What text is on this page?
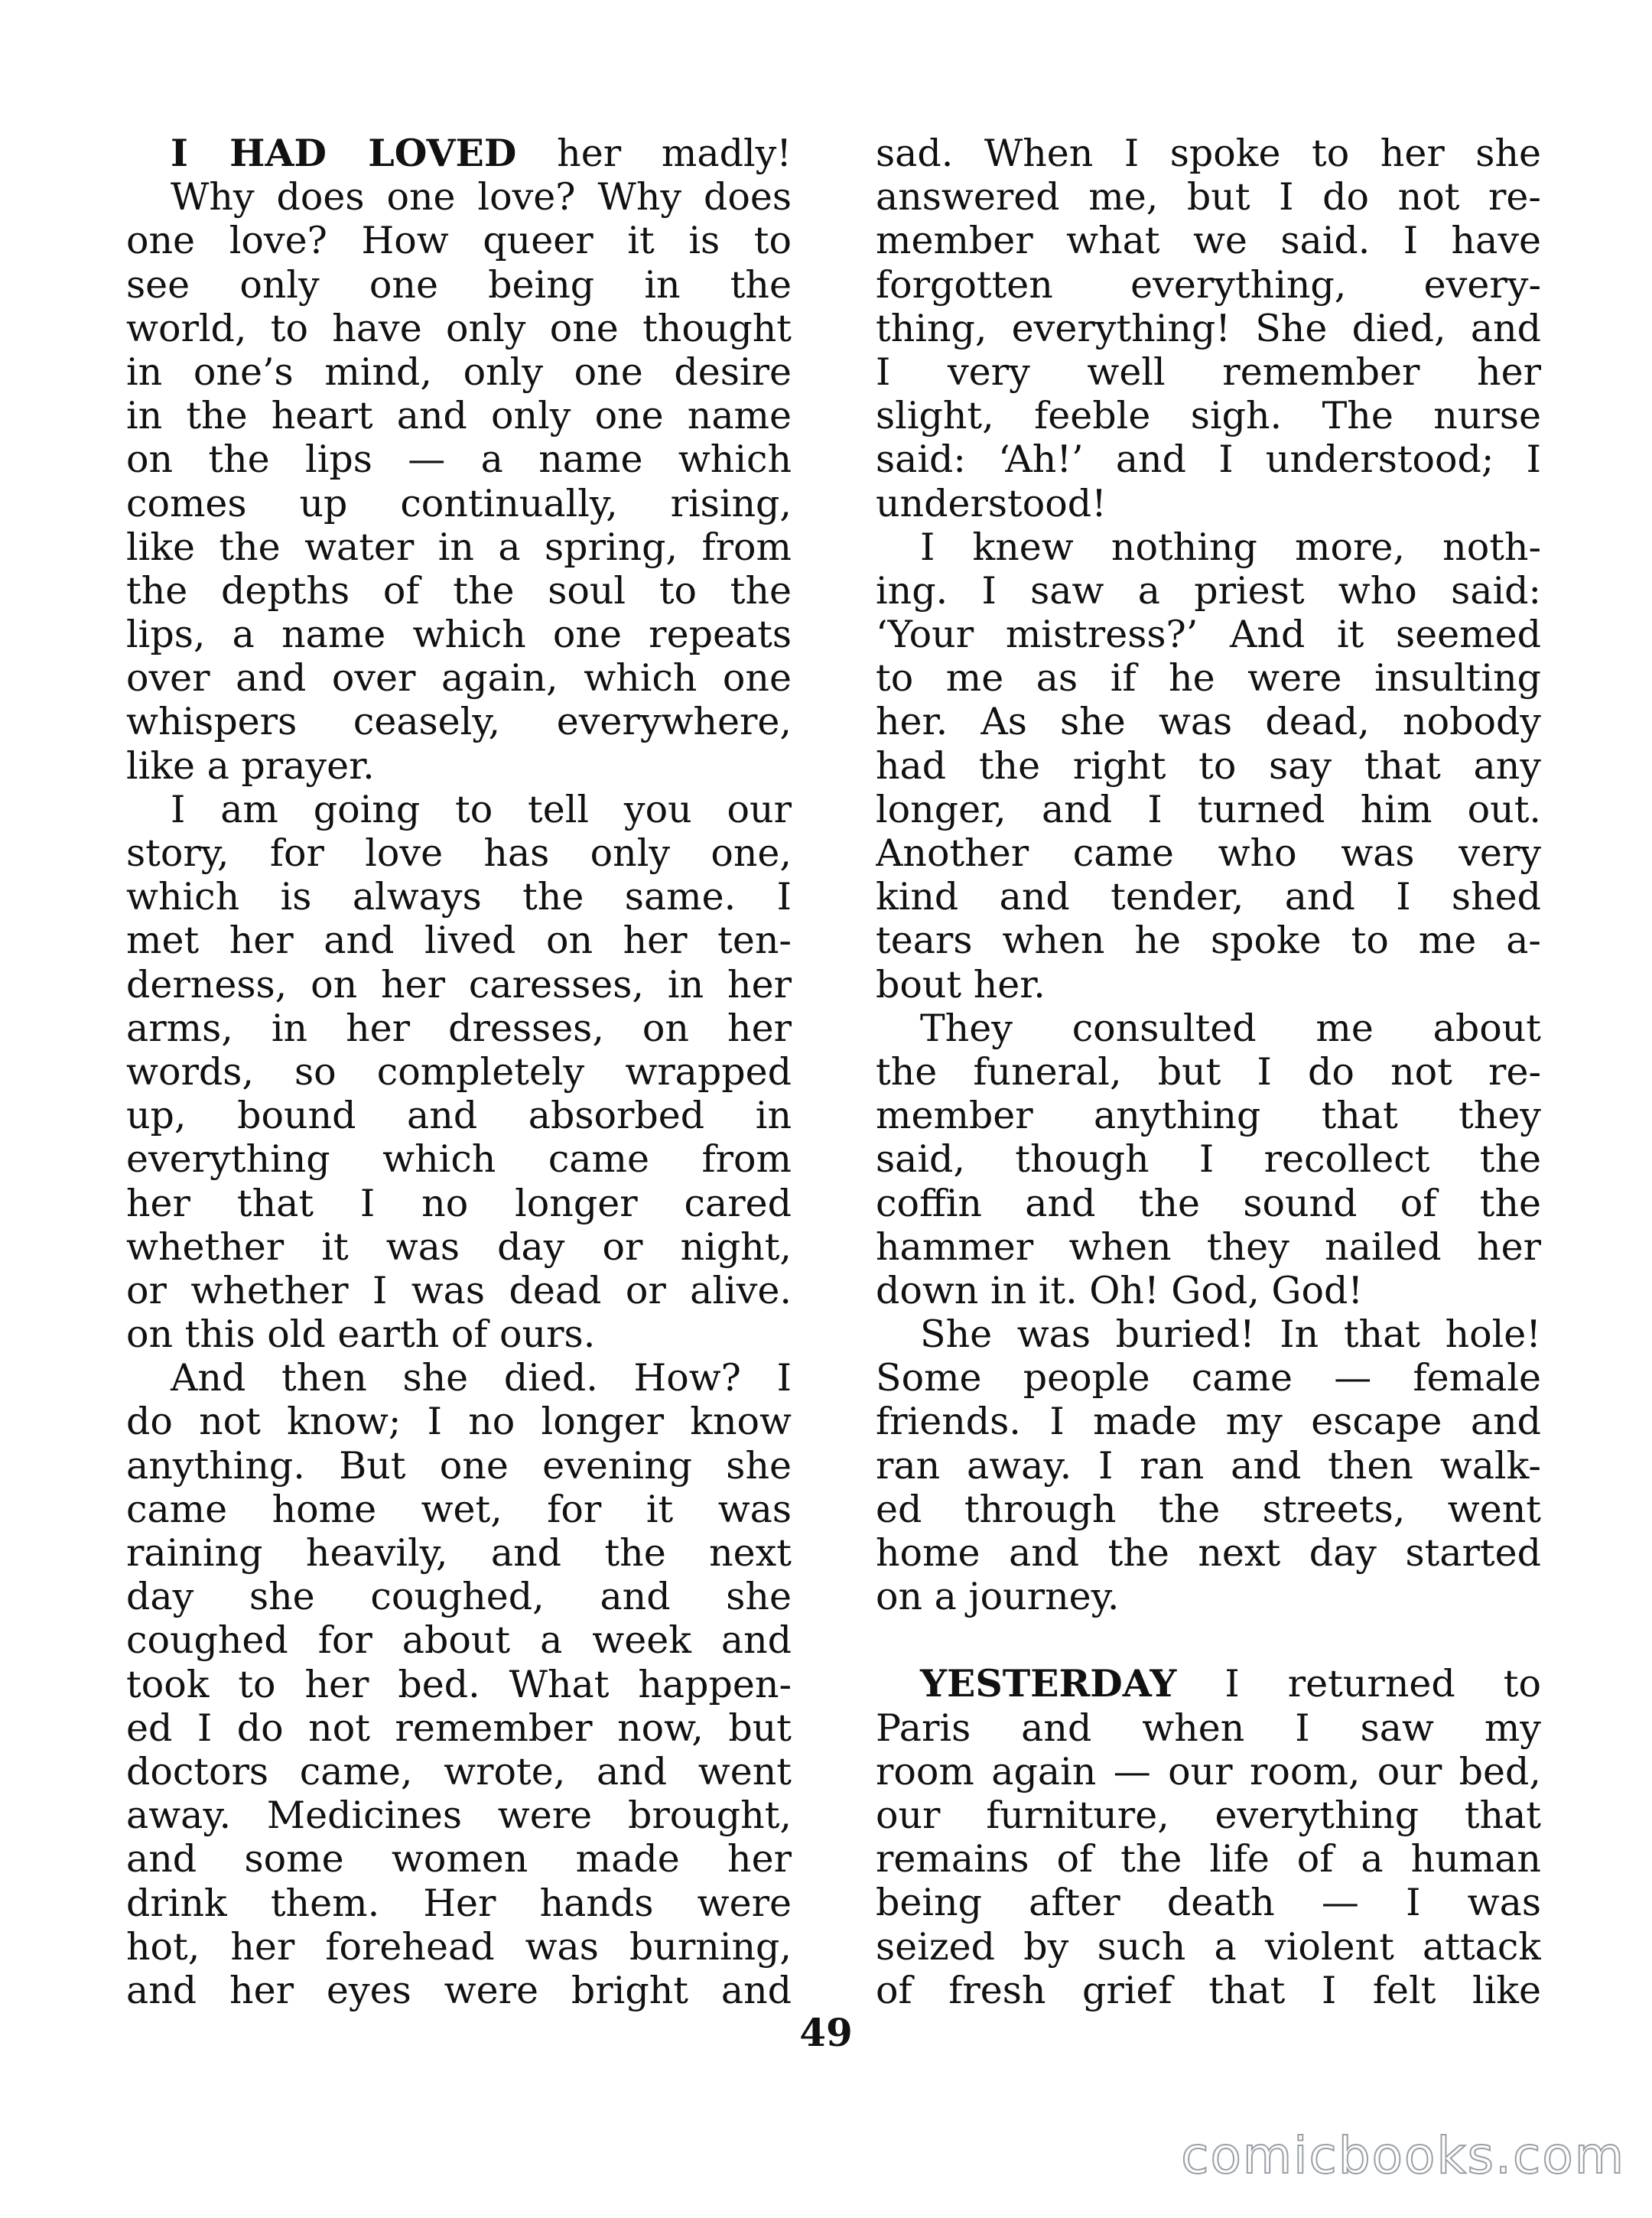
I HAD LOVED her madly!
Why does one love? Why does
one love? How queer it is to
see only one being in the
world, to have only one thought
in one’s mind, only one desire
in the heart and only one name
on the lips — a name which
comes up continually, rising,
like the water in a spring, from
the depths of the soul to the
lips, a name which one repeats
over and over again, which one
whispers ceasely, everywhere,
like a prayer.
I am going to tell you our
story, for love has only one,
which is always the same. I
met her and lived on her ten-
derness, on her caresses, in her
arms, in her dresses, on her
words, so completely wrapped
up, bound and absorbed in
everything which came from
her that I no longer cared
whether it was day or night,
or whether I was dead or alive.
on this old earth of ours.
And then she died. How? I
do not know; I no longer know
anything. But one evening she
came home wet, for it was
raining heavily, and the next
day she coughed, and she
coughed for about a week and
took to her bed. What happen-
ed I do not remember now, but
doctors came, wrote, and went
away. Medicines were brought,
and some women made her
drink them. Her hands were
hot, her forehead was burning,
and her eyes were bright and
sad. When I spoke to her she
answered me, but I do not re-
member what we said. I have
forgotten everything, every-
thing, everything! She died, and
I very well remember her
slight, feeble sigh. The nurse
said: ‘Ah!’ and I understood; I
understood!
I knew nothing more, noth-
ing. I saw a priest who said:
‘Your mistress?’ And it seemed
to me as if he were insulting
her. As she was dead, nobody
had the right to say that any
longer, and I turned him out.
Another came who was very
kind and tender, and I shed
tears when he spoke to me a-
bout her.
They consulted me about
the funeral, but I do not re-
member anything that they
said, though I recollect the
coffin and the sound of the
hammer when they nailed her
down in it. Oh! God, God!
She was buried! In that hole!
Some people came — female
friends. I made my escape and
ran away. I ran and then walk-
ed through the streets, went
home and the next day started
on a journey.
YESTERDAY I returned to
Paris and when I saw my
room again — our room, our bed,
our furniture, everything that
remains of the life of a human
being after death — I was
seized by such a violent attack
of fresh grief that I felt like
49
comicbooks.com
